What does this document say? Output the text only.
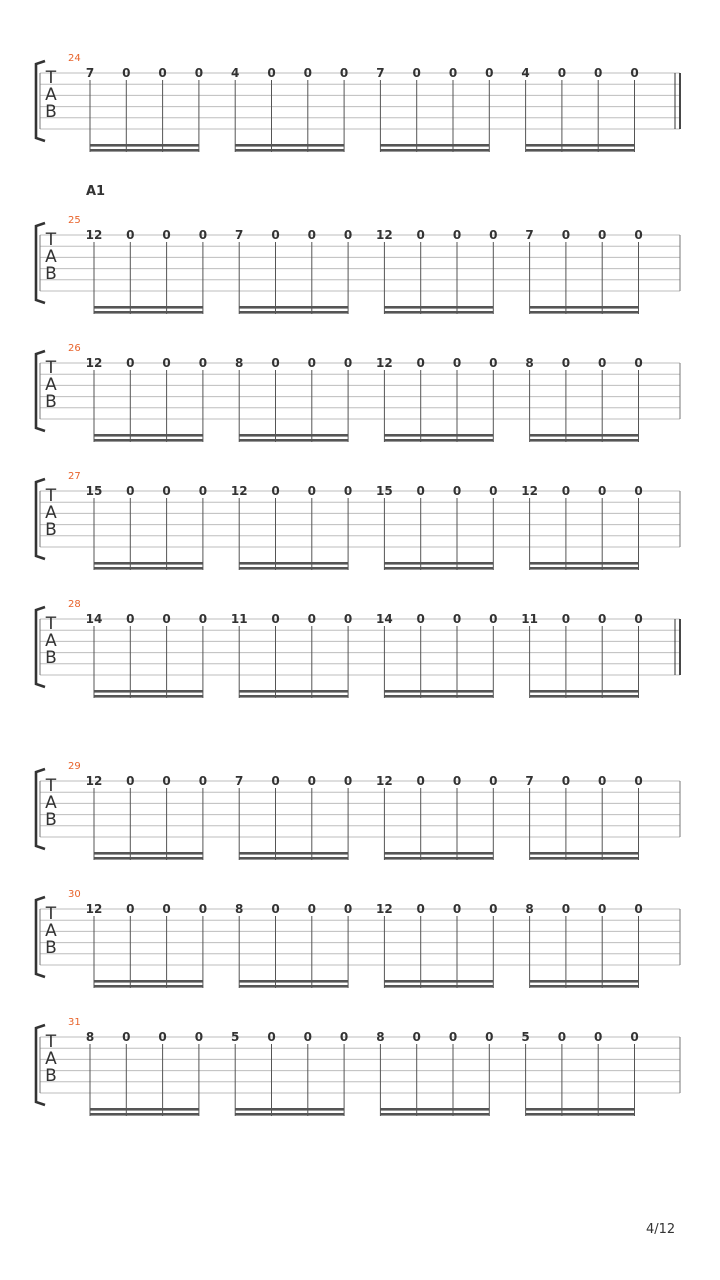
24
T
A
B
7 0 0 0 4 0 0 0 7 0 0 0 4 0 0 0
25
T
A
B
12 0 0 0 7 0 0 0 12 0 0 0 7 0 0 0
26
T
A
B
12 0 0 0 8 0 0 0 12 0 0 0 8 0 0 0
27
T
A
B
15 0 0 0 12 0 0 0 15 0 0 0 12 0 0 0
28
T
A
B
14 0 0 0 11 0 0 0 14 0 0 0 11 0 0 0
29
T
A
B
12 0 0 0 7 0 0 0 12 0 0 0 7 0 0 0
30
T
A
B
12 0 0 0 8 0 0 0 12 0 0 0 8 0 0 0
31
T
A
B
8 0 0 0 5 0 0 0 8 0 0 0 5 0 0 0
A1
4/12
